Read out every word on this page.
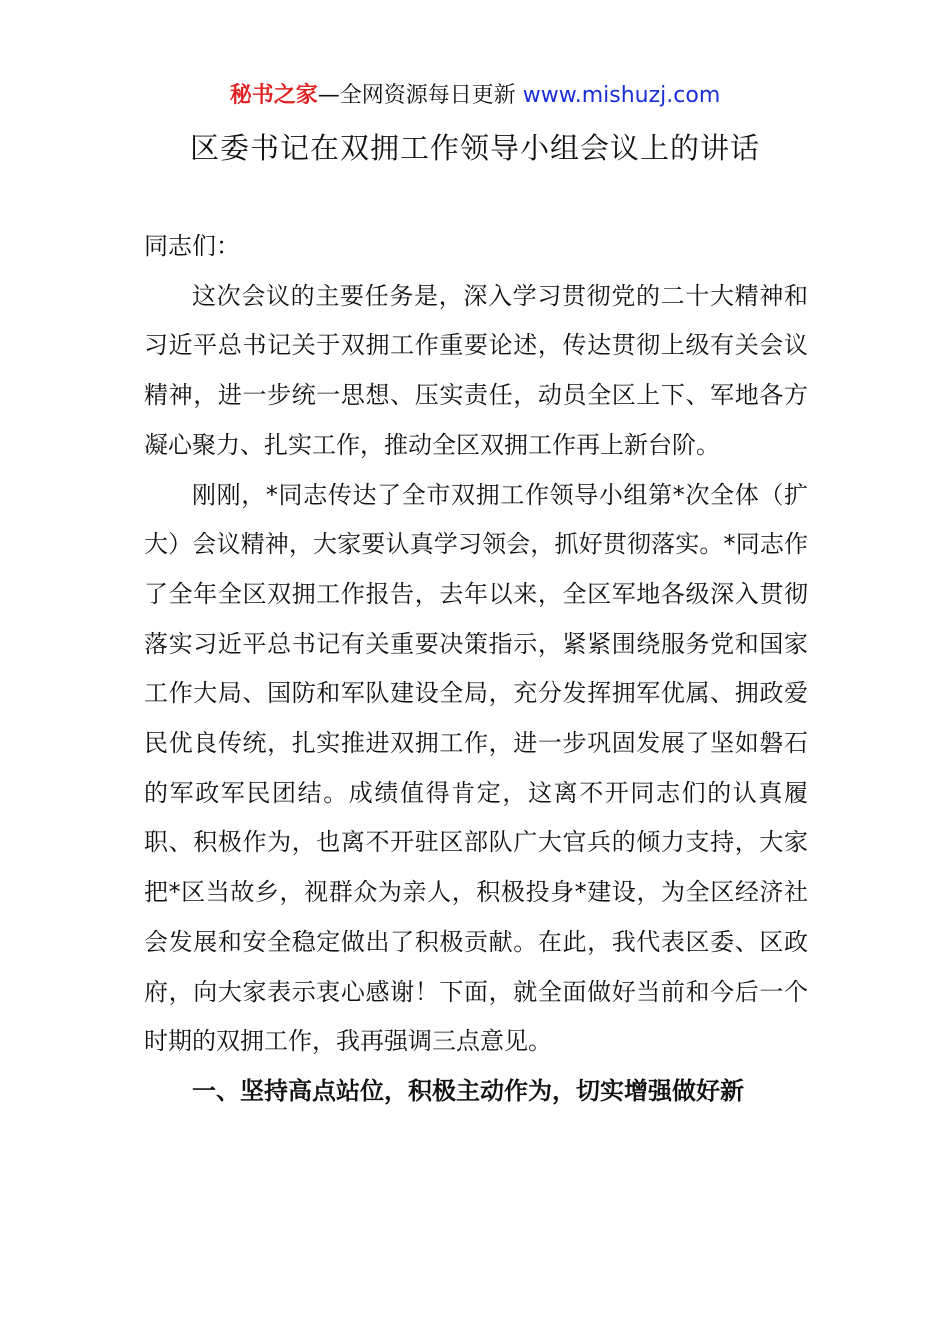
秘书之家—全网资源每日更新 www.mishuzj.com
区委书记在双拥工作领导小组会议上的讲话

同志们：

这次会议的主要任务是，深入学习贯彻党的二十大精神和习近平总书记关于双拥工作重要论述，传达贯彻上级有关会议精神，进一步统一思想、压实责任，动员全区上下、军地各方凝心聚力、扎实工作，推动全区双拥工作再上新台阶。

刚刚，*同志传达了全市双拥工作领导小组第*次全体（扩大）会议精神，大家要认真学习领会，抓好贯彻落实。*同志作了全年全区双拥工作报告，去年以来，全区军地各级深入贯彻落实习近平总书记有关重要决策指示，紧紧围绕服务党和国家工作大局、国防和军队建设全局，充分发挥拥军优属、拥政爱民优良传统，扎实推进双拥工作，进一步巩固发展了坚如磐石的军政军民团结。成绩值得肯定，这离不开同志们的认真履职、积极作为，也离不开驻区部队广大官兵的倾力支持，大家把*区当故乡，视群众为亲人，积极投身*建设，为全区经济社会发展和安全稳定做出了积极贡献。在此，我代表区委、区政府，向大家表示衷心感谢！下面，就全面做好当前和今后一个时期的双拥工作，我再强调三点意见。

一、坚持高点站位，积极主动作为，切实增强做好新
